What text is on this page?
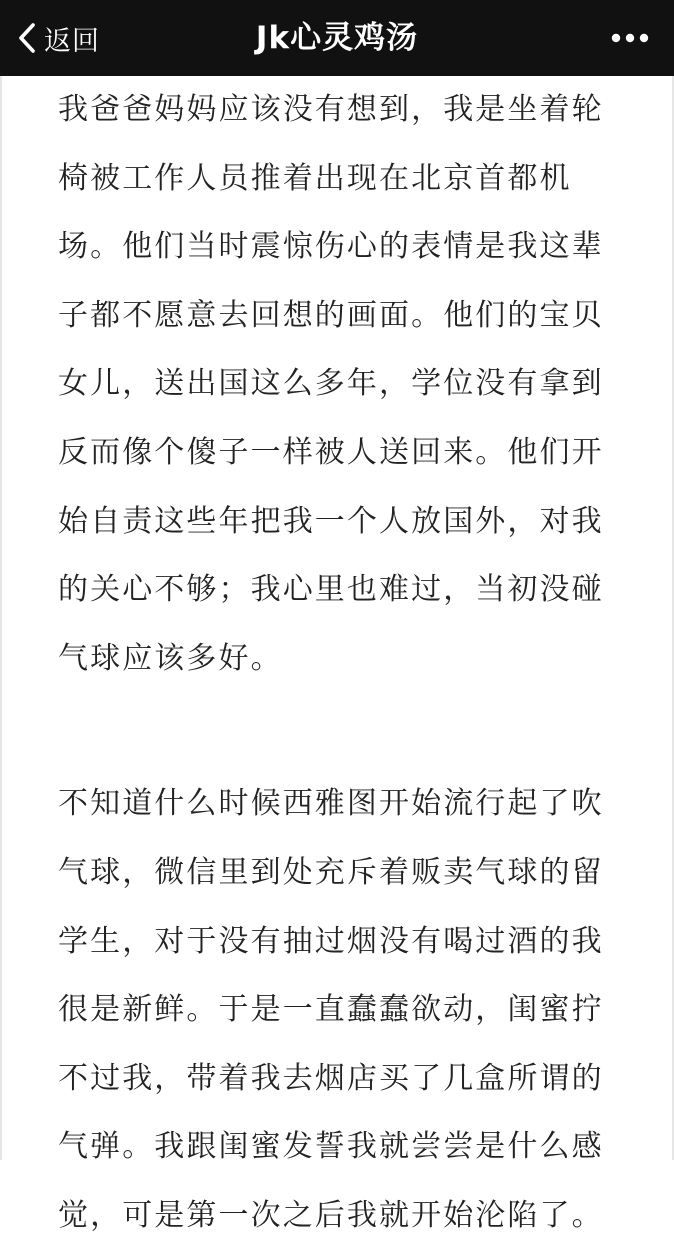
返回	Jk心灵鸡汤

我爸爸妈妈应该没有想到，我是坐着轮椅被工作人员推着出现在北京首都机场。他们当时震惊伤心的表情是我这辈子都不愿意去回想的画面。他们的宝贝女儿，送出国这么多年，学位没有拿到反而像个傻子一样被人送回来。他们开始自责这些年把我一个人放国外，对我的关心不够；我心里也难过，当初没碰气球应该多好。

不知道什么时候西雅图开始流行起了吹气球，微信里到处充斥着贩卖气球的留学生，对于没有抽过烟没有喝过酒的我很是新鲜。于是一直蠢蠢欲动，闺蜜拧不过我，带着我去烟店买了几盒所谓的气弹。我跟闺蜜发誓我就尝尝是什么感觉，可是第一次之后我就开始沦陷了。
